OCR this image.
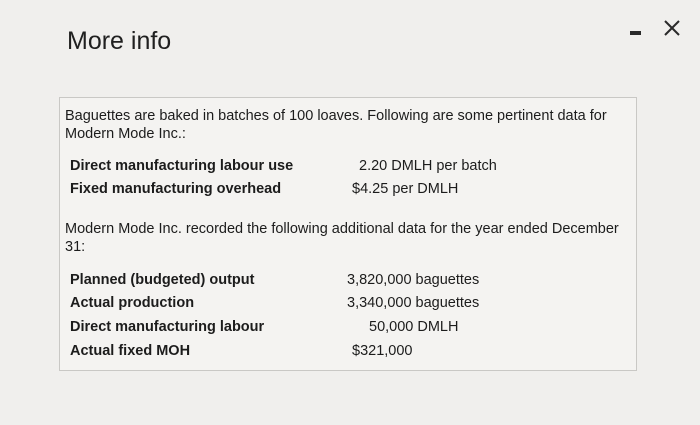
More info
Baguettes are baked in batches of 100 loaves. Following are some pertinent data for Modern Mode Inc.:
Direct manufacturing labour use	2.20 DMLH per batch
Fixed manufacturing overhead	$4.25 per DMLH
Modern Mode Inc. recorded the following additional data for the year ended December 31:
Planned (budgeted) output	3,820,000 baguettes
Actual production	3,340,000 baguettes
Direct manufacturing labour	50,000 DMLH
Actual fixed MOH	$321,000
